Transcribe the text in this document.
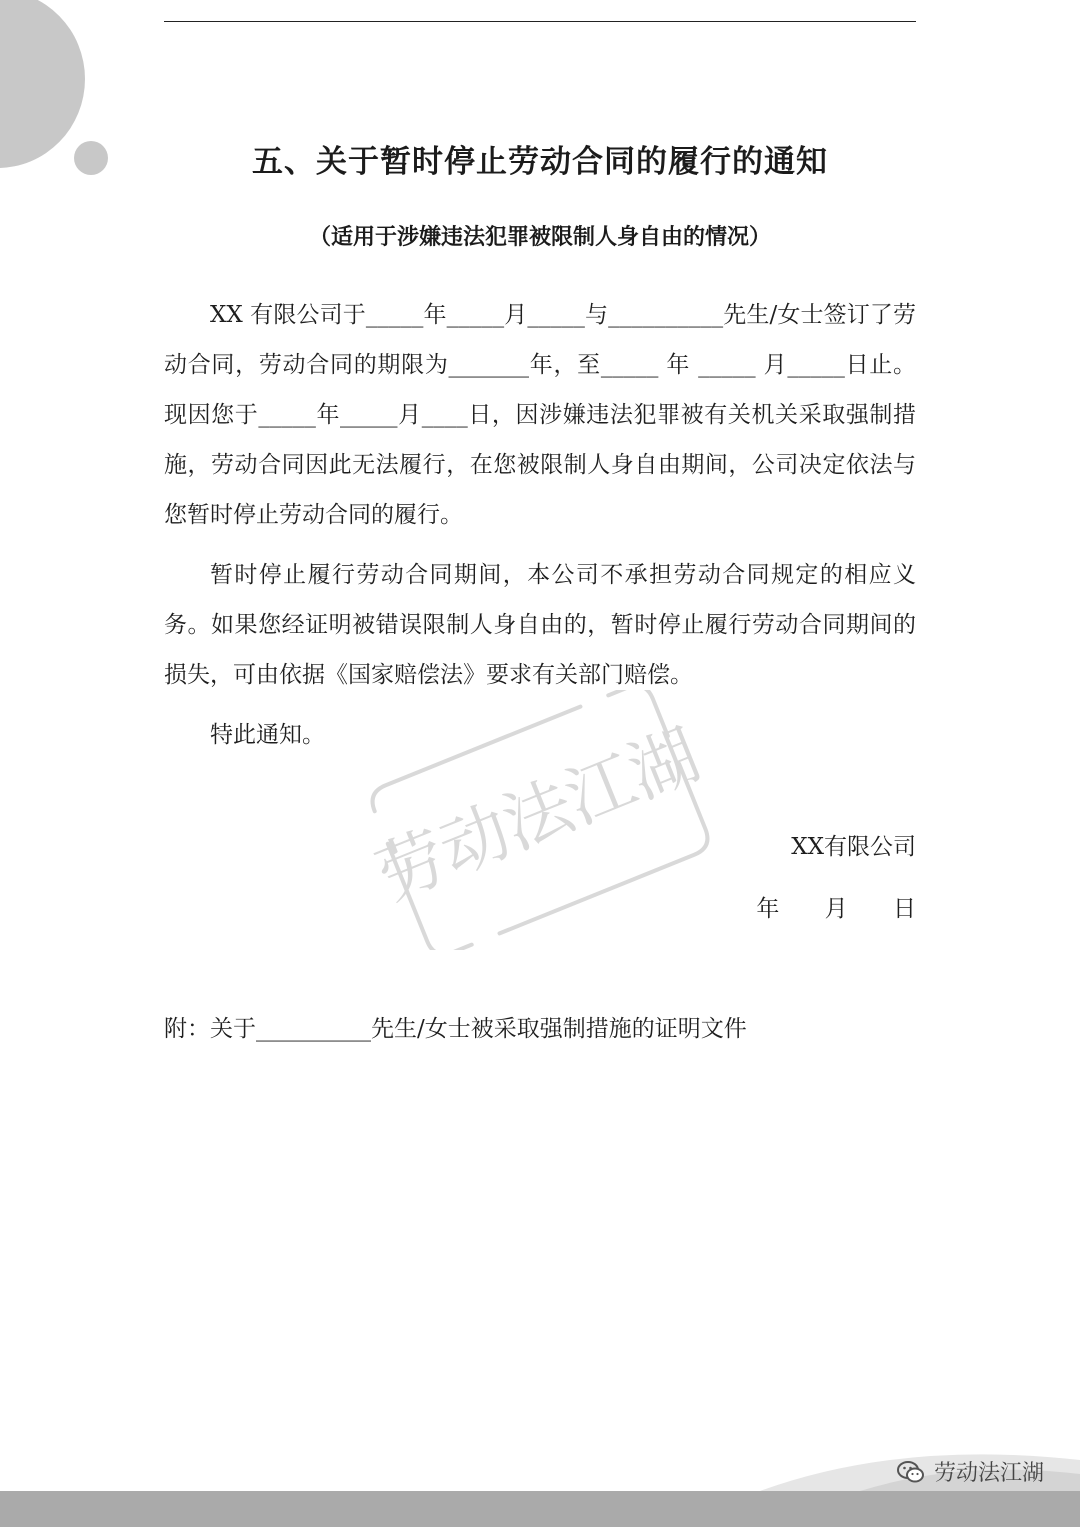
五、关于暂时停止劳动合同的履行的通知
（适用于涉嫌违法犯罪被限制人身自由的情况）

XX 有限公司于_____年_____月_____与__________先生/女士签订了劳动合同，劳动合同的期限为_______年，至_____ 年 _____ 月_____日止。现因您于_____年_____月____日，因涉嫌违法犯罪被有关机关采取强制措施，劳动合同因此无法履行，在您被限制人身自由期间，公司决定依法与您暂时停止劳动合同的履行。

暂时停止履行劳动合同期间，本公司不承担劳动合同规定的相应义务。如果您经证明被错误限制人身自由的，暂时停止履行劳动合同期间的损失，可由依据《国家赔偿法》要求有关部门赔偿。

特此通知。

XX有限公司
年 月 日
附：关于__________先生/女士被采取强制措施的证明文件
劳动法江湖
劳动法江湖
